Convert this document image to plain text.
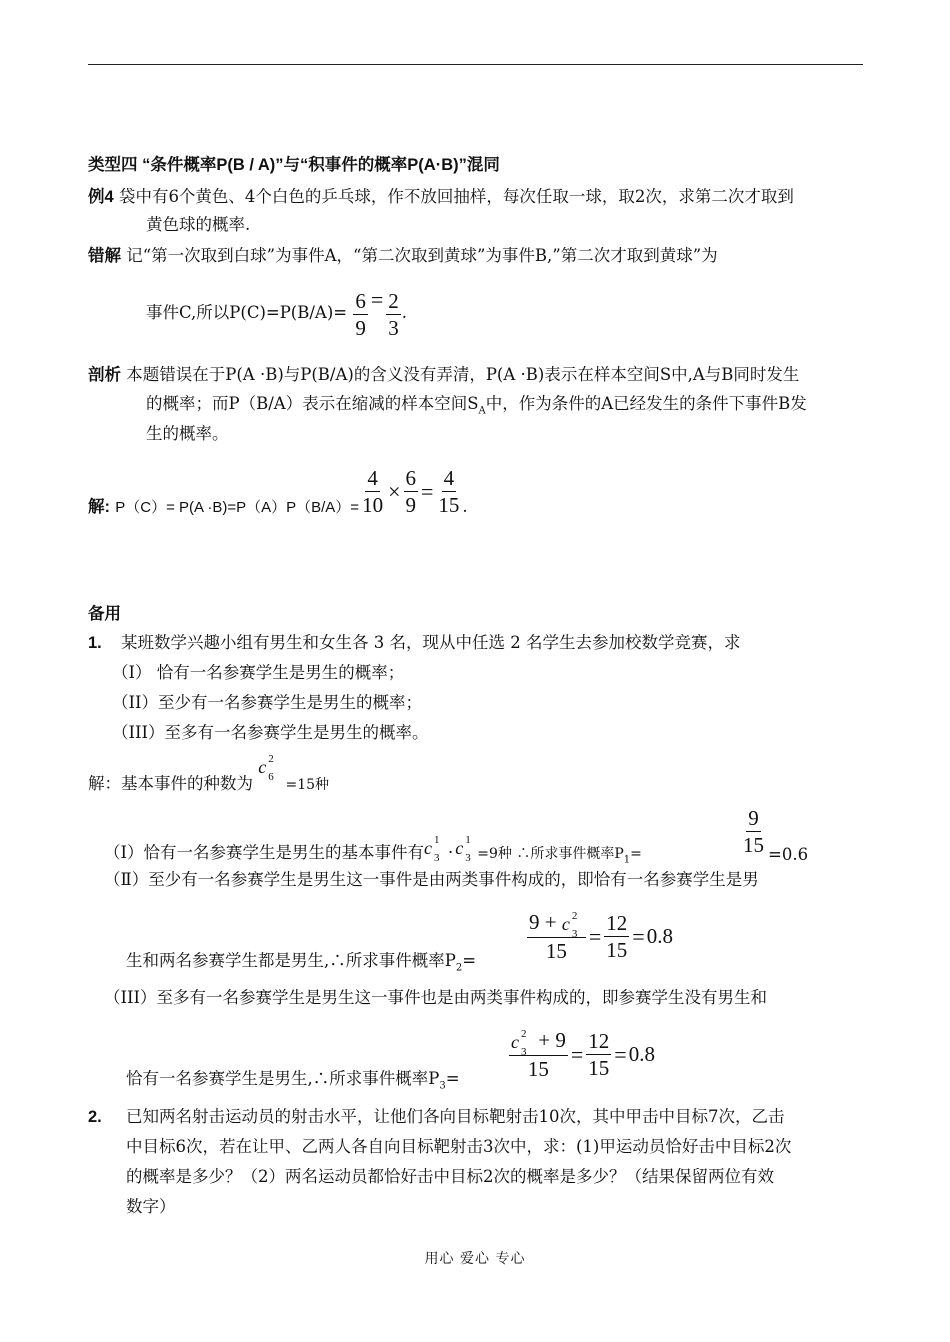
类型四 “条件概率P(B / A)”与“积事件的概率P(A·B)”混同
例4 袋中有6个黄色、4个白色的乒乓球，作不放回抽样，每次任取一球，取2次，求第二次才取到
黄色球的概率.
错解 记“第一次取到白球”为事件A，“第二次取到黄球”为事件B,”第二次才取到黄球”为
事件C,所以$P(C)=P(B/A)= \frac{6}{9} = \frac{2}{3}$ .
剖析 本题错误在于P(A ·B)与P(B/A)的含义没有弄清，P(A ·B)表示在样本空间S中,A与B同时发生
的概率；而P（B/A）表示在缩减的样本空间$S_A$中，作为条件的A已经发生的条件下事件B发
生的概率。
解: $P(C)= P(A \cdot B)=P(A)P(B/A)= \frac{4}{10} \times \frac{6}{9} = \frac{4}{15}$ .
备用
1. 某班数学兴趣小组有男生和女生各 3 名，现从中任选 2 名学生去参加校数学竞赛，求
（I） 恰有一名参赛学生是男生的概率；
（II）至少有一名参赛学生是男生的概率；
（III）至多有一名参赛学生是男生的概率。
解：基本事件的种数为 c 2
6
=15种
（Ⅰ）恰有一名参赛学生是男生的基本事件有c 1
3 · c 1
3 =9种 ∴所求事件概率$P_1=$	$\frac{9}{15} =0.6$
（Ⅱ）至少有一名参赛学生是男生这一事件是由两类事件构成的，即恰有一名参赛学生是男
生和两名参赛学生都是男生,∴所求事件概率$P_2= 9 + c$ 2
3
$15 = \frac{12}{15} =0.8$
（III）至多有一名参赛学生是男生这一事件也是由两类事件构成的，即参赛学生没有男生和
恰有一名参赛学生是男生,∴所求事件概率$P_3=$	c 2
3
+ 9
$15 = \frac{12}{15} =0.8$
2. 已知两名射击运动员的射击水平，让他们各向目标靶射击10次，其中甲击中目标7次，乙击
中目标6次，若在让甲、乙两人各自向目标靶射击3次中，求：(1)甲运动员恰好击中目标2次
的概率是多少？（2）两名运动员都恰好击中目标2次的概率是多少？（结果保留两位有效
数字）
用心 爱心 专心
